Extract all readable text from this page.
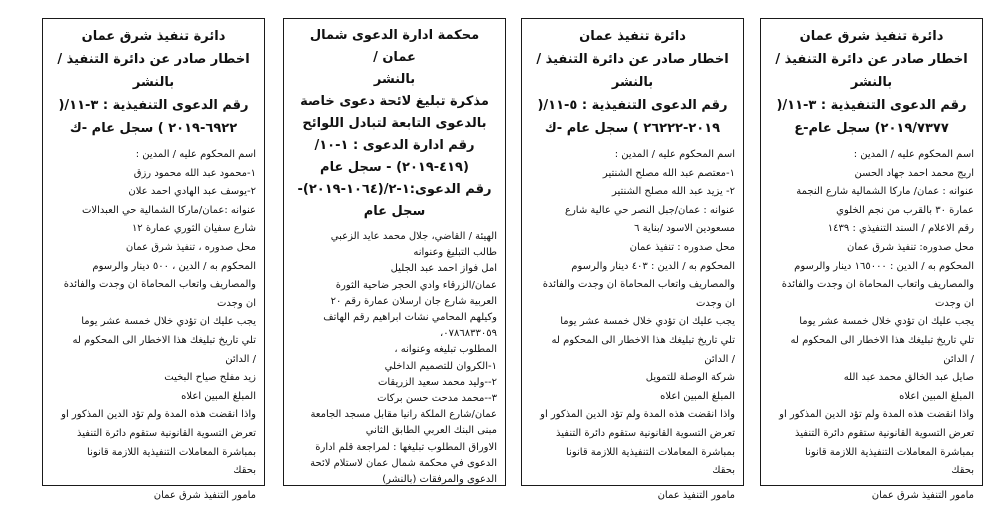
دائرة تنفيذ شرق عمان

اخطار صادر عن دائرة التنفيذ / بالنشر

رقم الدعوى التنفيذية : ٣-١١/(

٢٠١٩/٧٣٧٧) سجل عام-ع

اسم المحكوم عليه / المدين :

اريج محمد احمد جهاد الحسن

عنوانه : عمان/ ماركا الشمالية شارع النجمة

عمارة ٣٠ بالقرب من نجم الخلوي

رقم الاعلام / السند التنفيذي : ١٤٣٩

محل صدوره: تنفيذ شرق عمان

المحكوم به / الدين : ١٦٥٠٠٠ دينار والرسوم

والمصاريف واتعاب المحاماة ان وجدت والفائدة

ان وجدت

يجب عليك ان تؤدي خلال خمسة عشر يوما

تلي تاريخ تبليغك هذا الاخطار الى المحكوم له

/ الدائن

صايل عبد الخالق محمد عبد الله

المبلغ المبين اعلاه

واذا انقضت هذه المدة ولم تؤد الدين المذكور او

تعرض التسوية القانونية ستقوم دائرة التنفيذ

بمباشرة المعاملات التنفيذية اللازمة قانونا

بحقك

مامور التنفيذ شرق عمان

دائرة تنفيذ عمان

اخطار صادر عن دائرة التنفيذ / بالنشر

رقم الدعوى التنفيذية : ٥-١١/(

٢٠١٩-٢٦٢٢٢ ) سجل عام -ك

اسم المحكوم عليه / المدين :

١-معتصم عبد الله مصلح الشنتير

٢- يزيد عبد الله مصلح الشنتير

عنوانه : عمان/جبل النصر حي عالية شارع

مسعودين الاسود /بناية ٦

محل صدوره : تنفيذ عمان

المحكوم به / الدين : ٤٠٣ دينار والرسوم

والمصاريف واتعاب المحاماة ان وجدت والفائدة

ان وجدت

يجب عليك ان تؤدي خلال خمسة عشر يوما

تلي تاريخ تبليغك هذا الاخطار الى المحكوم له

/ الدائن

شركة الوصلة للتمويل

المبلغ المبين اعلاه

واذا انقضت هذه المدة ولم تؤد الدين المذكور او

تعرض التسوية القانونية ستقوم دائرة التنفيذ

بمباشرة المعاملات التنفيذية اللازمة قانونا

بحقك

مامور التنفيذ عمان

محكمة ادارة الدعوى شمال عمان /

بالنشر

مذكرة تبليغ لائحة دعوى خاصة

بالدعوى التابعة لتبادل اللوائح

رقم ادارة الدعوى : ١-١٠/

(٤١٩-٢٠١٩) - سجل عام

رقم الدعوى:١-٢/(١٠٦٤-٢٠١٩)-

سجل عام

الهيئة / القاضي، جلال محمد عايد الزعبي

طالب التبليغ وعنوانه

امل فواز احمد عبد الجليل

عمان/الزرقاء وادي الحجر ضاحية الثورة

العربية شارع جان ارسلان عمارة رقم ٢٠

وكيلهم المحامي نشات ابراهيم رقم الهاتف

٠٧٨٦٨٣٣٠٥٩،

المطلوب تبليغه وعنوانه ،

١-الكروان للتصميم الداخلي

٢--وليد محمد سعيد الزريقات

٣--محمد مدحت حسن بركات

عمان/شارع الملكة رانيا مقابل مسجد الجامعة

مبنى البنك العربي الطابق الثاني

الاوراق المطلوب تبليغها : لمراجعة قلم ادارة

الدعوى في محكمة شمال عمان لاستلام لائحة

الدعوى والمرفقات (بالنشر)

دائرة تنفيذ شرق عمان

اخطار صادر عن دائرة التنفيذ / بالنشر

رقم الدعوى التنفيذية : ٣-١١/(

٦٩٢٢-٢٠١٩ ) سجل عام -ك

اسم المحكوم عليه / المدين :

١-محمود عبد الله محمود رزق

٢-يوسف عبد الهادي احمد علان

عنوانه :عمان/ماركا الشمالية حي العبدالات

شارع سفيان الثوري عمارة ١٢

محل صدوره ، تنفيذ شرق عمان

المحكوم به / الدين ، ٥٠٠ دينار والرسوم

والمصاريف واتعاب المحاماة ان وجدت والفائدة

ان وجدت

يجب عليك ان تؤدي خلال خمسة عشر يوما

تلي تاريخ تبليغك هذا الاخطار الى المحكوم له

/ الدائن

زيد مفلح صياح البخيت

المبلغ المبين اعلاه

واذا انقضت هذه المدة ولم تؤد الدين المذكور او

تعرض التسوية القانونية ستقوم دائرة التنفيذ

بمباشرة المعاملات التنفيذية اللازمة قانونا

بحقك

مامور التنفيذ شرق عمان
